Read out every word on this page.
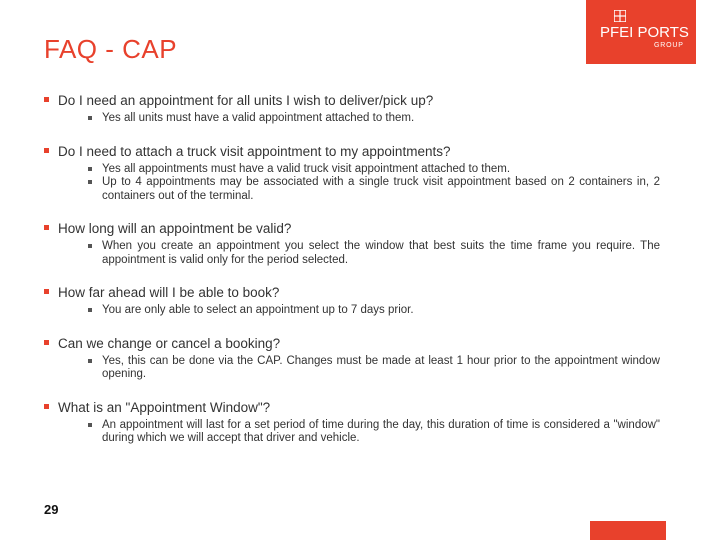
FAQ - CAP
PFEI PORTS
GROUP
Do I need an appointment for all units I wish to deliver/pick up?
Yes all units must have a valid appointment attached to them.
Do I need to attach a truck visit appointment to my appointments?
Yes all appointments must have a valid truck visit appointment attached to them.
Up to 4 appointments may be associated with a single truck visit appointment based on 2 containers in, 2 containers out of the terminal.
How long will an appointment be valid?
When you create an appointment you select the window that best suits the time frame you require. The appointment is valid only for the period selected.
How far ahead will I be able to book?
You are only able to select an appointment up to 7 days prior.
Can we change or cancel a booking?
Yes, this can be done via the CAP. Changes must be made at least 1 hour prior to the appointment window opening.
What is an "Appointment Window"?
An appointment will last for a set period of time during the day, this duration of time is considered a "window" during which we will accept that driver and vehicle.
29
